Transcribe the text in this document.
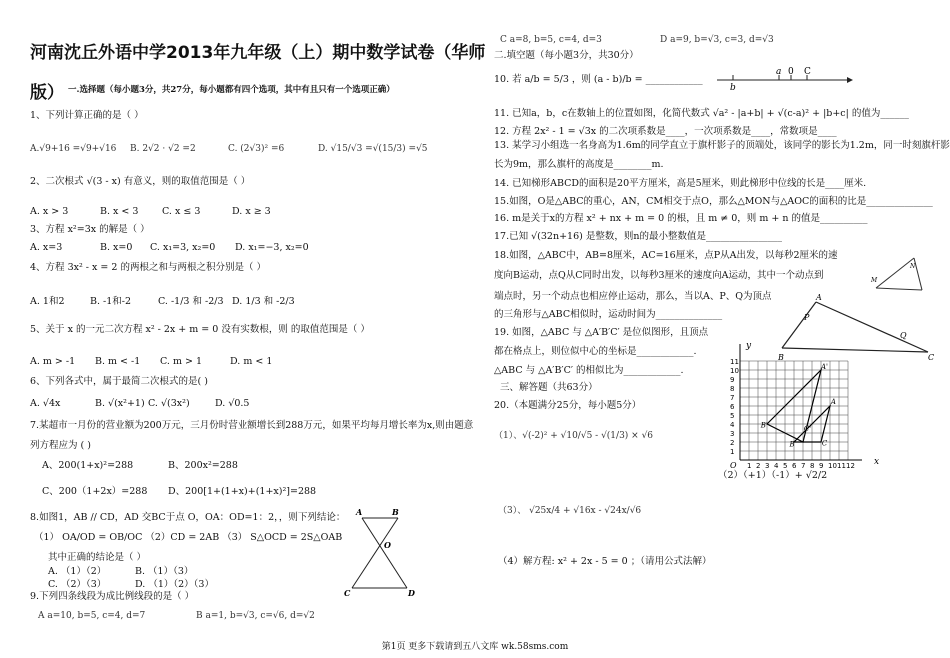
河南沈丘外语中学2013年九年级（上）期中数学试卷（华师
版） 一.选择题（每小题3分，共27分，每小题都有四个选项，其中有且只有一个选项正确）
1、下列计算正确的是（ ）
A.√9+16 =√9+√16 B. 2√2 · √2 =2	C. (2√3)² =6	D. √15/√3 =√(15/3) =√5
2、二次根式 √(3 - x) 有意义，则的取值范围是（ ）
A. x > 3	B. x < 3 C. x ≤ 3	D. x ≥ 3
3、方程 x²=3x 的解是（ ）
A. x=3	B. x=0 C. x₁=3, x₂=0 D. x₁=−3, x₂=0
4、方程 3x² - x = 2 的两根之和与两根之积分别是（ ）
A. 1和2	B. -1和-2	C. -1/3 和 -2/3 D. 1/3 和 -2/3
5、关于 x 的一元二次方程 x² - 2x + m = 0 没有实数根，则 的取值范围是（ ）
A. m > -1 B. m < -1 C. m > 1	D. m < 1
6、下列各式中，属于最简二次根式的是( )
A. √4x	B. √(x²+1) C. √(3x²)	D. √0.5
7.某超市一月份的营业额为200万元，三月份时营业额增长到288万元，如果平均每月增长率为x,则由题意
列方程应为 ( )
A、200(1+x)²=288	B、200x²=288
C、200（1+2x）=288 D、200[1+(1+x)+(1+x)²]=288
8.如图1，AB // CD，AD 交BC于点 O，OA：OD=1：2，，则下列结论：
（1） OA/OD = OB/OC （2）CD = 2AB （3） S△OCD = 2S△OAB
其中正确的结论是（ ）
A. （1）（2）	B. （1）（3）
C. （2）（3）	D. （1）（2）（3）
A	B
O
C	D
9.下列四条线段为成比例线段的是（ ）
A a=10, b=5, c=4, d=7	B a=1, b=√3, c=√6, d=√2
C a=8, b=5, c=4, d=3	D a=9, b=√3, c=3, d=√3
二.填空题（每小题3分，共30分）
10. 若 a/b = 5/3 ，则 (a - b)/b = ____________
b
a 0 C
11. 已知a，b，c在数轴上的位置如图，化简代数式 √a² - |a+b| + √(c-a)² + |b+c| 的值为______
12. 方程 2x² - 1 = √3x 的二次项系数是____，一次项系数是____，常数项是____
13. 某学习小组选一名身高为1.6m的同学直立于旗杆影子的顶端处，该同学的影长为1.2m，同一时刻旗杆影
长为9m，那么旗杆的高度是________m.
14. 已知梯形ABCD的面积是20平方厘米，高是5厘米，则此梯形中位线的长是____厘米.
15.如图，O是△ABC的重心，AN，CM相交于点O，那么△MON与△AOC的面积的比是______________
16. m是关于x的方程 x² + nx + m = 0 的根，且 m ≠ 0，则 m + n 的值是__________
17.已知 √(32n+16) 是整数，则n的最小整数值是________________
18.如图，△ABC中，AB=8厘米，AC=16厘米，点P从A出发，以每秒2厘米的速
度向B运动，点Q从C同时出发，以每秒3厘米的速度向A运动，其中一个动点到
端点时，另一个动点也相应停止运动，那么，当以A、P、Q为顶点
的三角形与△ABC相似时，运动时间为______________
M
N
A
B	C
P
Q
19. 如图，△ABC 与 △A′B′C′ 是位似图形，且顶点
都在格点上，则位似中心的坐标是____________.
△ABC 与 △A′B′C′ 的相似比为____________.
三、解答题（共63分）
20.（本题满分25分，每小题5分）
（1）、√(-2)² + √10/√5 - √(1/3) × √6
（2）（+1）（-1）+ √2/2
（3）、 √25x/4 + √16x - √24x/√6
（4）解方程: x² + 2x - 5 = 0 ；（请用公式法解）
1
2
3
4
5
6
7
8
9
10
11
1 2 3 4 5 6 7 8 9 10 11 12
A'
B'	C'
A
B	C
y
x
O
第1页 更多下载请到五八文库 wk.58sms.com
